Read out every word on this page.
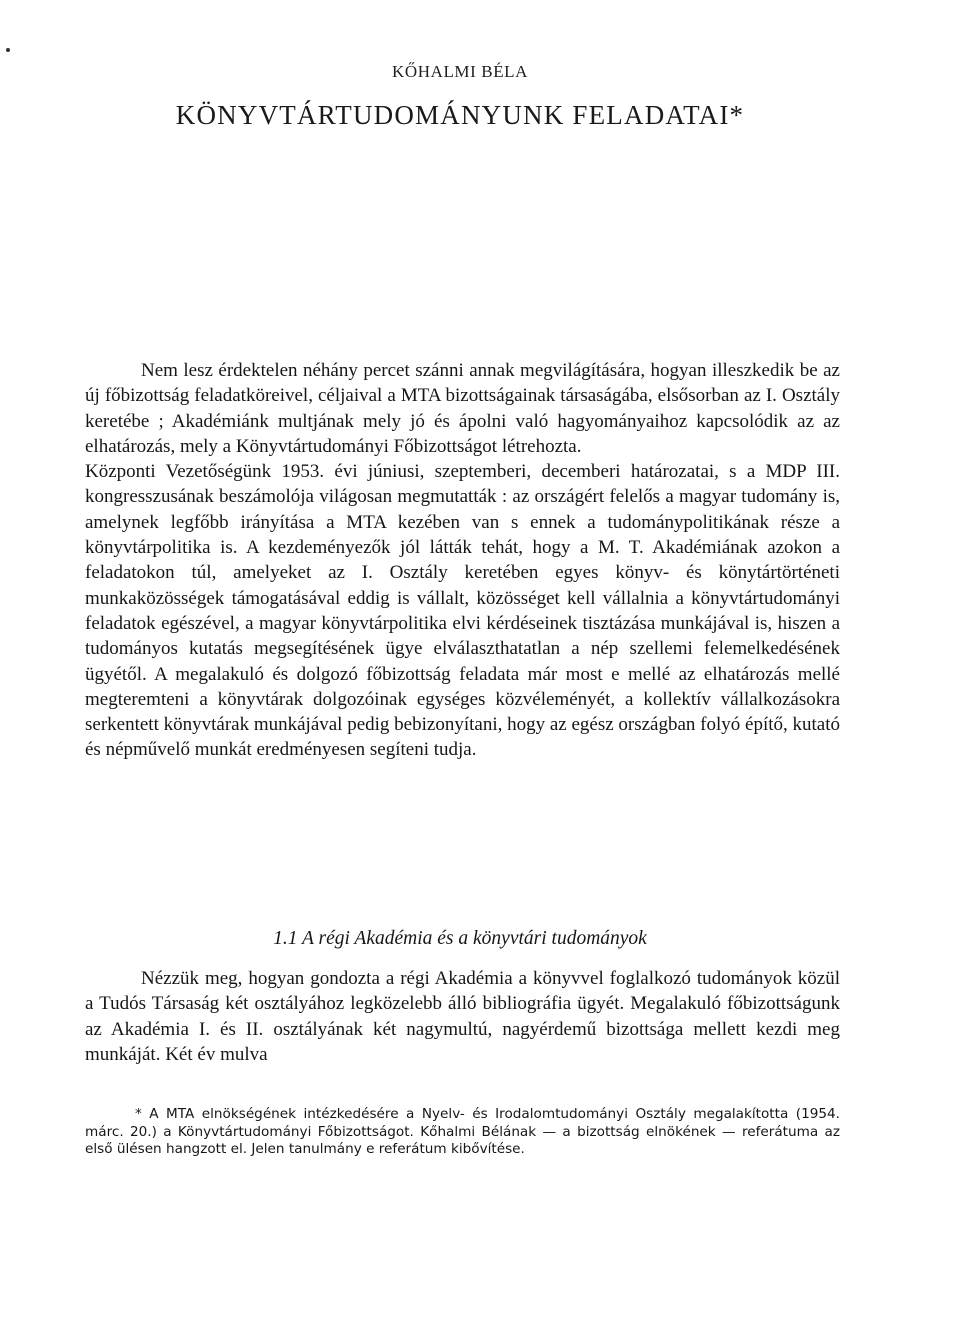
KŐHALMI BÉLA
KÖNYVTÁRTUDOMÁNYUNK FELADATAI*

Nem lesz érdektelen néhány percet szánni annak megvilágítására, hogyan illeszkedik be az új főbizottság feladatköreivel, céljaival a MTA bizottságainak társaságába, elsősorban az I. Osztály keretébe ; Akadémiánk multjának mely jó és ápolni való hagyományaihoz kapcsolódik az az elhatározás, mely a Könyvtártudományi Főbizottságot létrehozta.

Központi Vezetőségünk 1953. évi júniusi, szeptemberi, decemberi határozatai, s a MDP III. kongresszusának beszámolója világosan megmutatták : az országért felelős a magyar tudomány is, amelynek legfőbb irányítása a MTA kezében van s ennek a tudománypolitikának része a könyvtárpolitika is. A kezdeményezők jól látták tehát, hogy a M. T. Akadémiának azokon a feladatokon túl, amelyeket az I. Osztály keretében egyes könyv- és könytártörténeti munkaközösségek támogatásával eddig is vállalt, közösséget kell vállalnia a könyvtártudományi feladatok egészével, a magyar könyvtárpolitika elvi kérdéseinek tisztázása munkájával is, hiszen a tudományos kutatás megsegítésének ügye elválaszthatatlan a nép szellemi felemelkedésének ügyétől. A megalakuló és dolgozó főbizottság feladata már most e mellé az elhatározás mellé megteremteni a könyvtárak dolgozóinak egységes közvéleményét, a kollektív vállalkozásokra serkentett könyvtárak munkájával pedig bebizonyítani, hogy az egész országban folyó építő, kutató és népművelő munkát eredményesen segíteni tudja.

1.1 A régi Akadémia és a könyvtári tudományok

Nézzük meg, hogyan gondozta a régi Akadémia a könyvvel foglalkozó tudományok közül a Tudós Társaság két osztályához legközelebb álló bibliográfia ügyét. Megalakuló főbizottságunk az Akadémia I. és II. osztályának két nagymultú, nagyérdemű bizottsága mellett kezdi meg munkáját. Két év mulva

* A MTA elnökségének intézkedésére a Nyelv- és Irodalomtudományi Osztály megalakította (1954. márc. 20.) a Könyvtártudományi Főbizottságot. Kőhalmi Bélának — a bizottság elnökének — referátuma az első ülésen hangzott el. Jelen tanulmány e referátum kibővítése.
